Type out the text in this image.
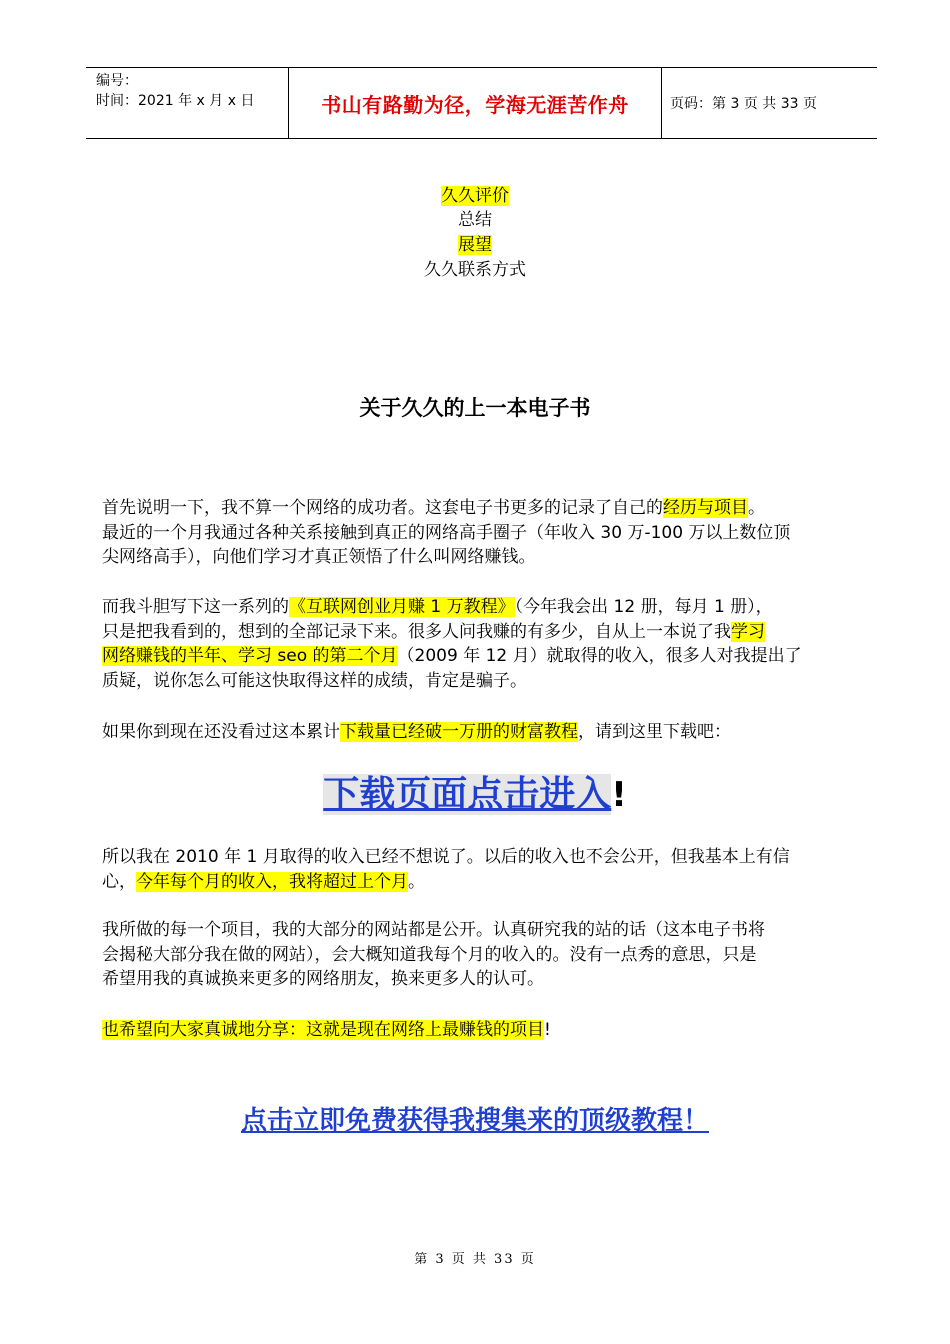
编号：
时间：2021 年 x 月 x 日	书山有路勤为径，学海无涯苦作舟	页码：第 3 页 共 33 页
久久评价
总结
展望
久久联系方式
关于久久的上一本电子书
首先说明一下，我不算一个网络的成功者。这套电子书更多的记录了自己的经历与项目。
最近的一个月我通过各种关系接触到真正的网络高手圈子（年收入 30 万-100 万以上数位顶
尖网络高手），向他们学习才真正领悟了什么叫网络赚钱。
而我斗胆写下这一系列的《互联网创业月赚 1 万教程》（今年我会出 12 册，每月 1 册），
只是把我看到的，想到的全部记录下来。很多人问我赚的有多少，自从上一本说了我学习
网络赚钱的半年、学习 seo 的第二个月（2009 年 12 月）就取得的收入，很多人对我提出了
质疑，说你怎么可能这快取得这样的成绩，肯定是骗子。
如果你到现在还没看过这本累计下载量已经破一万册的财富教程，请到这里下载吧：
下载页面点击进入!
所以我在 2010 年 1 月取得的收入已经不想说了。以后的收入也不会公开，但我基本上有信
心，今年每个月的收入，我将超过上个月。
我所做的每一个项目，我的大部分的网站都是公开。认真研究我的站的话（这本电子书将
会揭秘大部分我在做的网站），会大概知道我每个月的收入的。没有一点秀的意思，只是
希望用我的真诚换来更多的网络朋友，换来更多人的认可。
也希望向大家真诚地分享：这就是现在网络上最赚钱的项目!
点击立即免费获得我搜集来的顶级教程！
第 3 页 共 33 页
